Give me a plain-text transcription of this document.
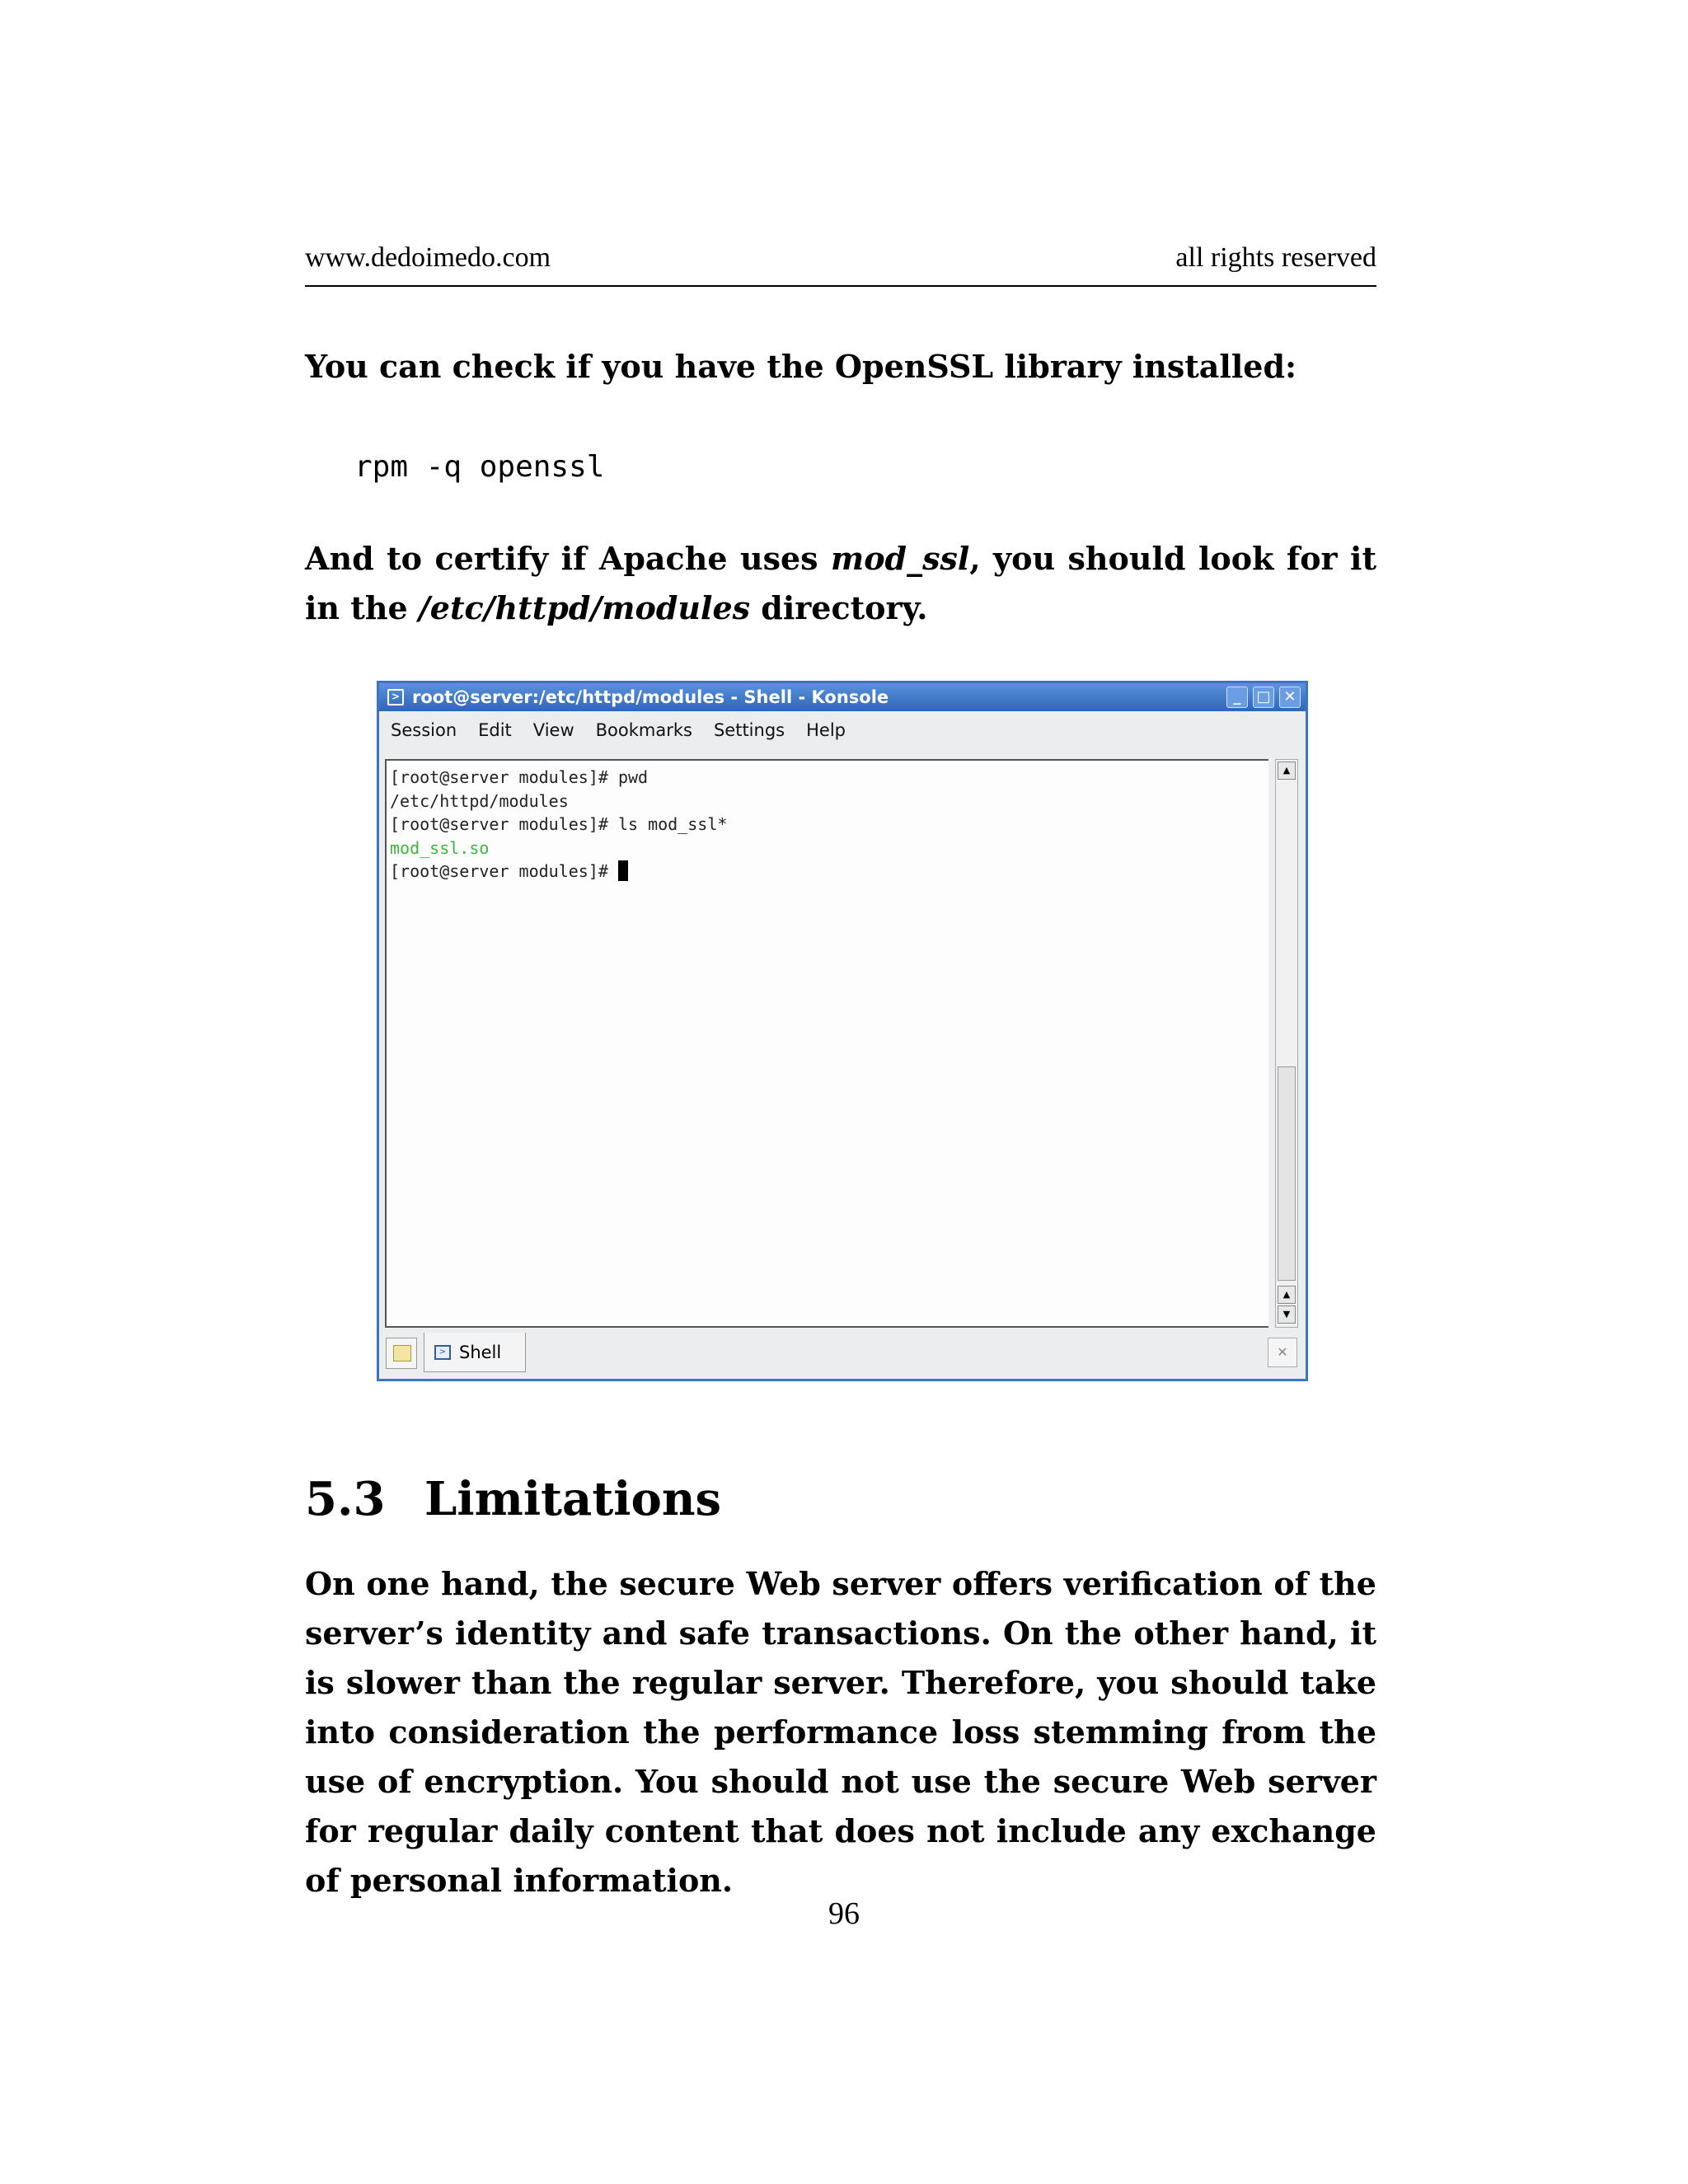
www.dedoimedo.com	all rights reserved
You can check if you have the OpenSSL library installed:
rpm -q openssl
And to certify if Apache uses mod_ssl, you should look for it in the /etc/httpd/modules directory.
> root@server:/etc/httpd/modules - Shell - Konsole	_	□ ✕
Session Edit View Bookmarks Settings Help
[root@server modules]# pwd
/etc/httpd/modules
[root@server modules]# ls mod_ssl*
mod_ssl.so
[root@server modules]#
▲
▲
▼
> Shell	✕
5.3 Limitations
On one hand, the secure Web server offers verification of the server’s identity and safe transactions. On the other hand, it is slower than the regular server. Therefore, you should take into consideration the performance loss stemming from the use of encryption. You should not use the secure Web server for regular daily content that does not include any exchange of personal information.
96
